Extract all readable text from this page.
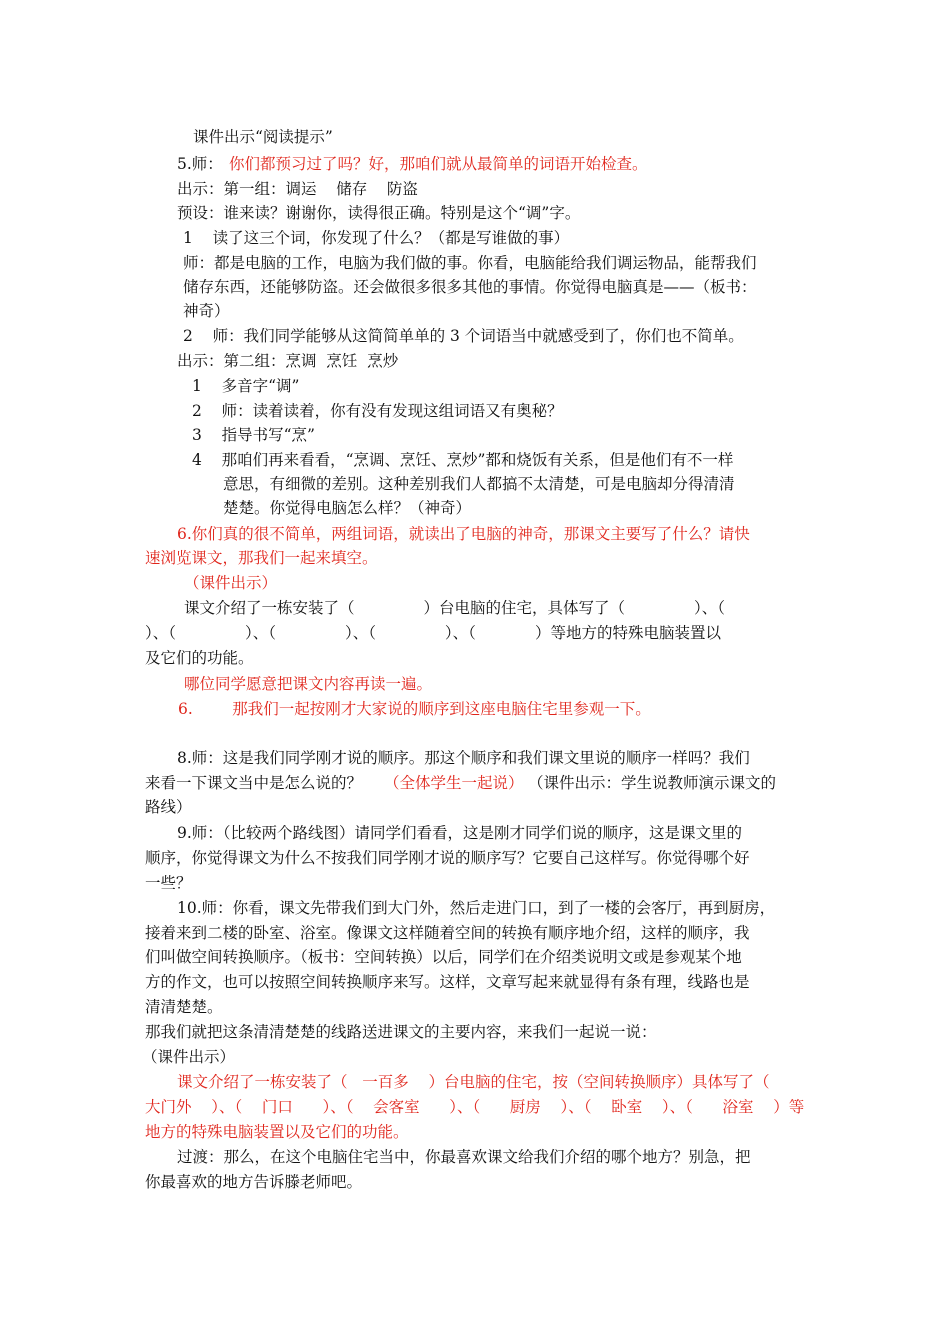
课件出示“阅读提示”
5.师： 你们都预习过了吗？好，那咱们就从最简单的词语开始检查。
出示：第一组：调运    储存    防盗
预设：谁来读？谢谢你，读得很正确。特别是这个“调”字。
1    读了这三个词，你发现了什么？（都是写谁做的事）
师：都是电脑的工作，电脑为我们做的事。你看，电脑能给我们调运物品，能帮我们
储存东西，还能够防盗。还会做很多很多其他的事情。你觉得电脑真是——（板书：
神奇）
2    师：我们同学能够从这简简单单的 3 个词语当中就感受到了，你们也不简单。
出示：第二组：烹调  烹饪  烹炒
1    多音字“调”
2    师：读着读着，你有没有发现这组词语又有奥秘？
3    指导书写“烹”
4    那咱们再来看看，“烹调、烹饪、烹炒”都和烧饭有关系，但是他们有不一样
意思，有细微的差别。这种差别我们人都搞不太清楚，可是电脑却分得清清
楚楚。你觉得电脑怎么样？（神奇）
6.你们真的很不简单，两组词语，就读出了电脑的神奇，那课文主要写了什么？请快
速浏览课文，那我们一起来填空。
（课件出示）
课文介绍了一栋安装了（              ）台电脑的住宅，具体写了（              ）、（
）、（              ）、（              ）、（              ）、（            ）等地方的特殊电脑装置以
及它们的功能。
哪位同学愿意把课文内容再读一遍。
6.        那我们一起按刚才大家说的顺序到这座电脑住宅里参观一下。
8.师：这是我们同学刚才说的顺序。那这个顺序和我们课文里说的顺序一样吗？我们
来看一下课文当中是怎么说的？ （全体学生一起说） （课件出示：学生说教师演示课文的
路线）
9.师：（比较两个路线图）请同学们看看，这是刚才同学们说的顺序，这是课文里的
顺序，你觉得课文为什么不按我们同学刚才说的顺序写？它要自己这样写。你觉得哪个好
一些？
10.师：你看，课文先带我们到大门外，然后走进门口，到了一楼的会客厅，再到厨房，
接着来到二楼的卧室、浴室。像课文这样随着空间的转换有顺序地介绍，这样的顺序，我
们叫做空间转换顺序。（板书：空间转换）以后，同学们在介绍类说明文或是参观某个地
方的作文，也可以按照空间转换顺序来写。这样，文章写起来就显得有条有理，线路也是
清清楚楚。
那我们就把这条清清楚楚的线路送进课文的主要内容，来我们一起说一说：
（课件出示）
课文介绍了一栋安装了（   一百多    ）台电脑的住宅，按（空间转换顺序）具体写了（
大门外    ）、（    门口      ）、（    会客室      ）、（      厨房    ）、（    卧室    ）、（      浴室    ）等
地方的特殊电脑装置以及它们的功能。
过渡：那么，在这个电脑住宅当中，你最喜欢课文给我们介绍的哪个地方？别急，把
你最喜欢的地方告诉滕老师吧。
